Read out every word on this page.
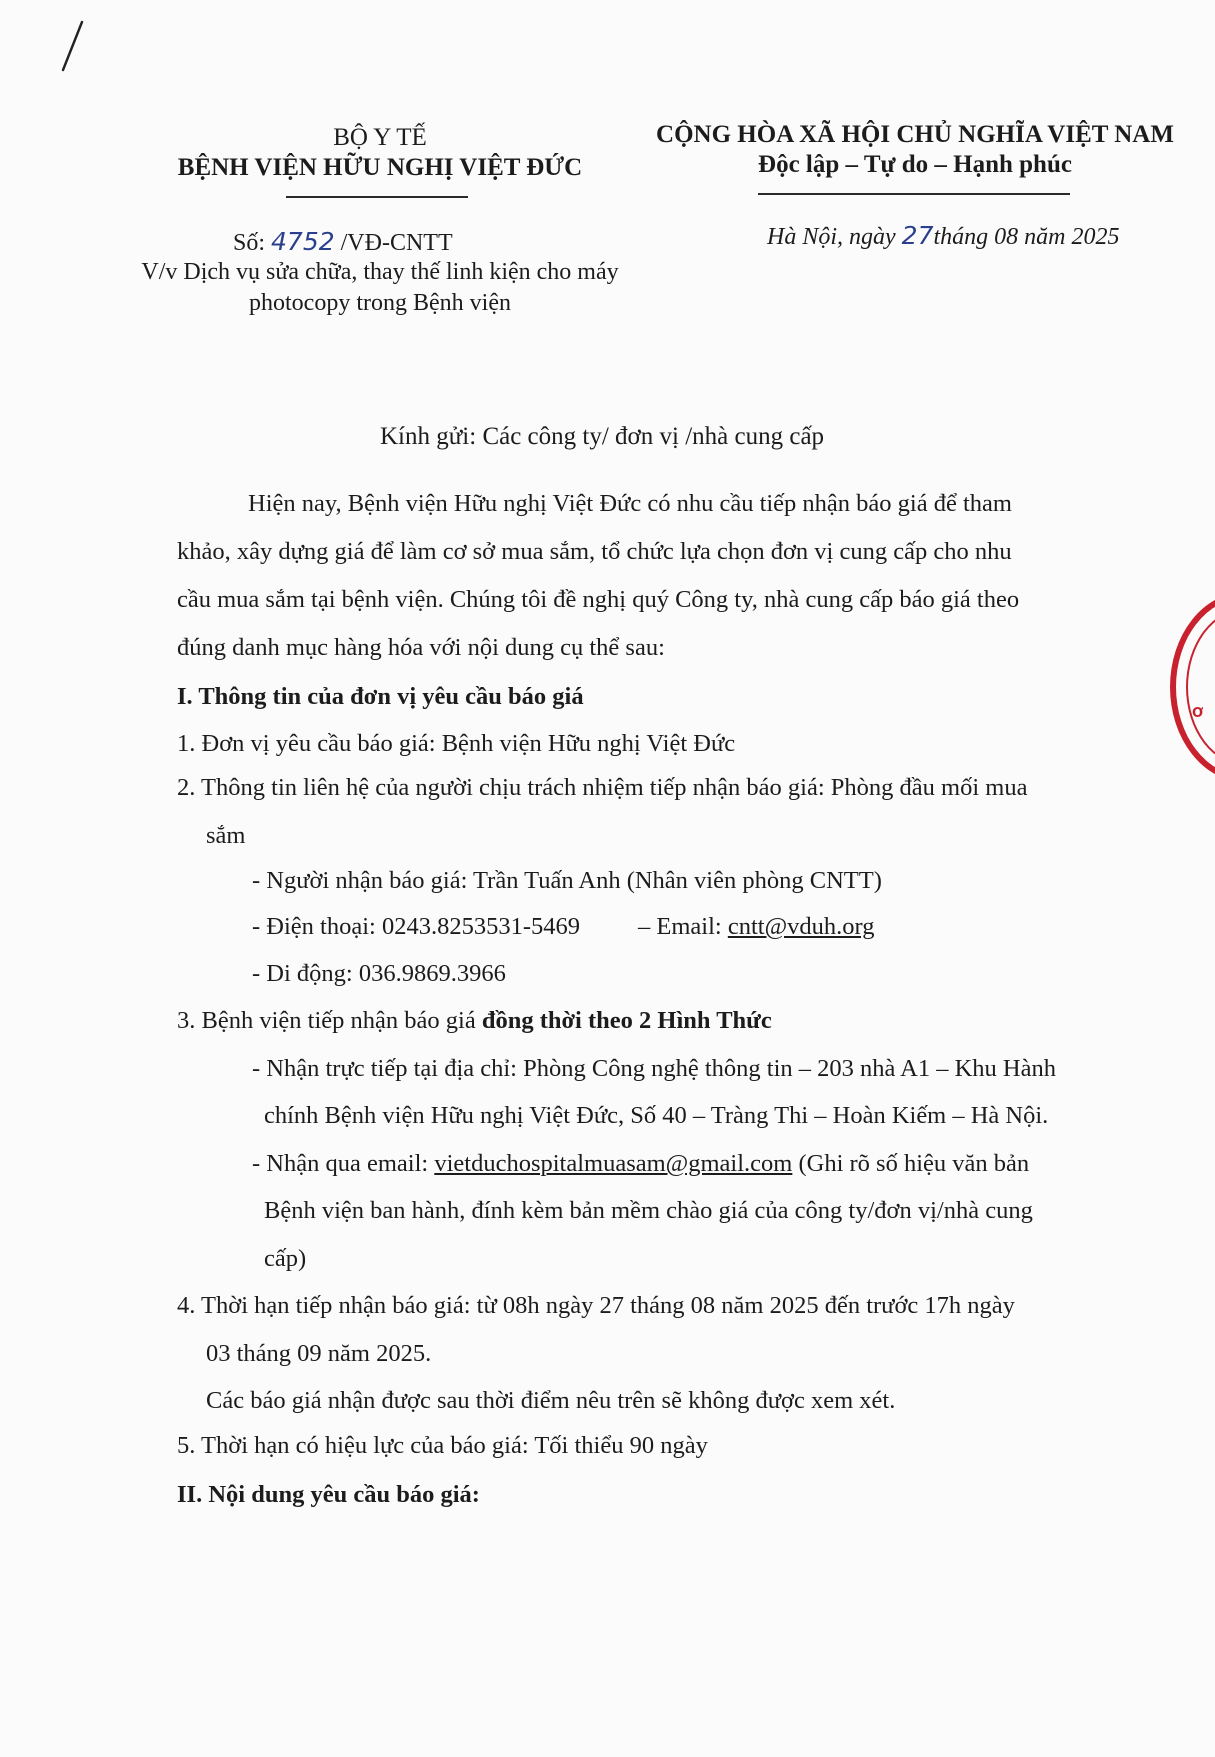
BỘ Y TẾ
BỆNH VIỆN HỮU NGHỊ VIỆT ĐỨC
CỘNG HÒA XÃ HỘI CHỦ NGHĨA VIỆT NAM
Độc lập – Tự do – Hạnh phúc
Số: 4752 /VĐ-CNTT	Hà Nội, ngày 27tháng 08 năm 2025
V/v Dịch vụ sửa chữa, thay thế linh kiện cho máy
photocopy trong Bệnh viện
Kính gửi: Các công ty/ đơn vị /nhà cung cấp
Hiện nay, Bệnh viện Hữu nghị Việt Đức có nhu cầu tiếp nhận báo giá để tham
khảo, xây dựng giá để làm cơ sở mua sắm, tổ chức lựa chọn đơn vị cung cấp cho nhu
cầu mua sắm tại bệnh viện. Chúng tôi đề nghị quý Công ty, nhà cung cấp báo giá theo
đúng danh mục hàng hóa với nội dung cụ thể sau:
I. Thông tin của đơn vị yêu cầu báo giá
1. Đơn vị yêu cầu báo giá: Bệnh viện Hữu nghị Việt Đức
2. Thông tin liên hệ của người chịu trách nhiệm tiếp nhận báo giá: Phòng đầu mối mua
sắm
- Người nhận báo giá: Trần Tuấn Anh (Nhân viên phòng CNTT)
- Điện thoại: 0243.8253531-5469 – Email: cntt@vduh.org
- Di động: 036.9869.3966
3. Bệnh viện tiếp nhận báo giá đồng thời theo 2 Hình Thức
- Nhận trực tiếp tại địa chỉ: Phòng Công nghệ thông tin – 203 nhà A1 – Khu Hành
chính Bệnh viện Hữu nghị Việt Đức, Số 40 – Tràng Thi – Hoàn Kiếm – Hà Nội.
- Nhận qua email: vietduchospitalmuasam@gmail.com (Ghi rõ số hiệu văn bản
Bệnh viện ban hành, đính kèm bản mềm chào giá của công ty/đơn vị/nhà cung
cấp)
4. Thời hạn tiếp nhận báo giá: từ 08h ngày 27 tháng 08 năm 2025 đến trước 17h ngày
03 tháng 09 năm 2025.
Các báo giá nhận được sau thời điểm nêu trên sẽ không được xem xét.
5. Thời hạn có hiệu lực của báo giá: Tối thiểu 90 ngày
II. Nội dung yêu cầu báo giá:
Ơ
